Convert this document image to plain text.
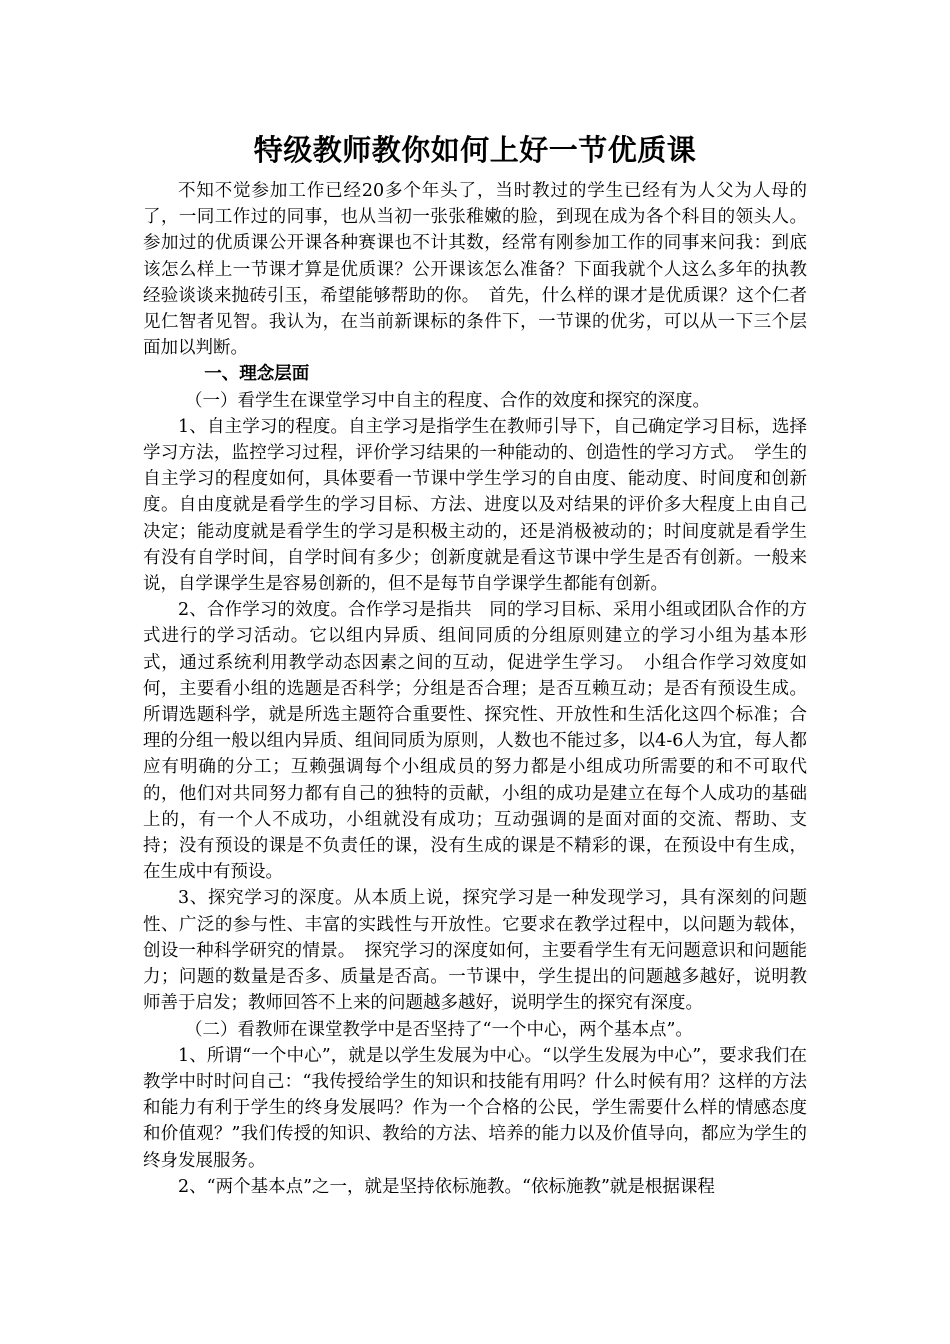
特级教师教你如何上好一节优质课

不知不觉参加工作已经20多个年头了，当时教过的学生已经有为人父为人母的了，一同工作过的同事，也从当初一张张稚嫩的脸，到现在成为各个科目的领头人。参加过的优质课公开课各种赛课也不计其数，经常有刚参加工作的同事来问我：到底该怎么样上一节课才算是优质课？公开课该怎么准备？下面我就个人这么多年的执教经验谈谈来抛砖引玉，希望能够帮助的你。　首先，什么样的课才是优质课？这个仁者见仁智者见智。我认为，在当前新课标的条件下，一节课的优劣，可以从一下三个层面加以判断。

一、理念层面

（一）看学生在课堂学习中自主的程度、合作的效度和探究的深度。

1、自主学习的程度。自主学习是指学生在教师引导下，自己确定学习目标，选择学习方法，监控学习过程，评价学习结果的一种能动的、创造性的学习方式。　学生的自主学习的程度如何，具体要看一节课中学生学习的自由度、能动度、时间度和创新度。自由度就是看学生的学习目标、方法、进度以及对结果的评价多大程度上由自己决定；能动度就是看学生的学习是积极主动的，还是消极被动的；时间度就是看学生有没有自学时间，自学时间有多少；创新度就是看这节课中学生是否有创新。一般来说，自学课学生是容易创新的，但不是每节自学课学生都能有创新。

2、合作学习的效度。合作学习是指共　同的学习目标、采用小组或团队合作的方式进行的学习活动。它以组内异质、组间同质的分组原则建立的学习小组为基本形式，通过系统利用教学动态因素之间的互动，促进学生学习。　小组合作学习效度如何，主要看小组的选题是否科学；分组是否合理；是否互赖互动；是否有预设生成。所谓选题科学，就是所选主题符合重要性、探究性、开放性和生活化这四个标准；合理的分组一般以组内异质、组间同质为原则，人数也不能过多，以4-6人为宜，每人都应有明确的分工；互赖强调每个小组成员的努力都是小组成功所需要的和不可取代的，他们对共同努力都有自己的独特的贡献，小组的成功是建立在每个人成功的基础上的，有一个人不成功，小组就没有成功；互动强调的是面对面的交流、帮助、支持；没有预设的课是不负责任的课，没有生成的课是不精彩的课，在预设中有生成，在生成中有预设。

3、探究学习的深度。从本质上说，探究学习是一种发现学习，具有深刻的问题性、广泛的参与性、丰富的实践性与开放性。它要求在教学过程中，以问题为载体，创设一种科学研究的情景。　探究学习的深度如何，主要看学生有无问题意识和问题能力；问题的数量是否多、质量是否高。一节课中，学生提出的问题越多越好，说明教师善于启发；教师回答不上来的问题越多越好，说明学生的探究有深度。

（二）看教师在课堂教学中是否坚持了“一个中心，两个基本点”。

1、所谓“一个中心”，就是以学生发展为中心。“以学生发展为中心”，要求我们在教学中时时问自己：“我传授给学生的知识和技能有用吗？什么时候有用？这样的方法和能力有利于学生的终身发展吗？作为一个合格的公民，学生需要什么样的情感态度和价值观？”我们传授的知识、教给的方法、培养的能力以及价值导向，都应为学生的终身发展服务。

2、“两个基本点”之一，就是坚持依标施教。“依标施教”就是根据课程
